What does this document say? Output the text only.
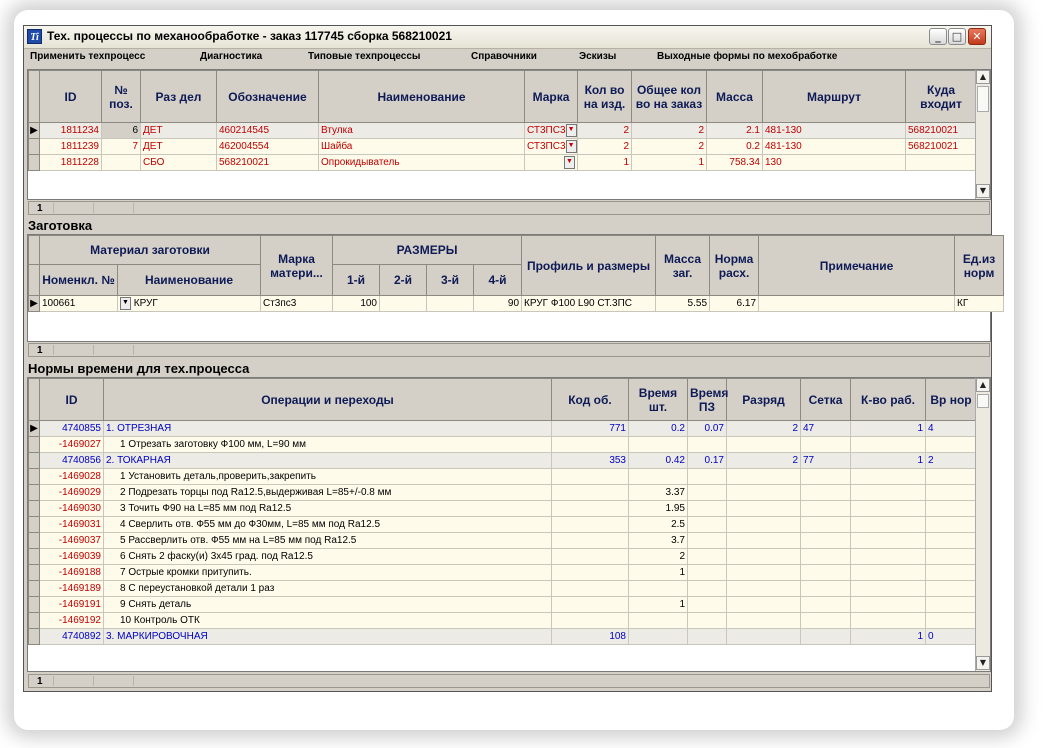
Ti Тех. процессы по механообработке - заказ 117745 сборка 568210021	_	□ ✕
Применить техпроцесс	Диагностика	Типовые техпроцессы	Справочники	Эскизы	Выходные формы по мехобработке
	ID	№ поз.	Раз дел	Обозначение	Наименование	Марка	Кол во на изд.	Общее кол во на заказ	Масса	Маршрут	Куда входит
▶	1811234	6	ДЕТ	460214545	Втулка	СТ3ПС3 ▼	2	2	2.1	481-130	568210021
	1811239	7	ДЕТ	462004554	Шайба	СТ3ПС3 ▼	2	2	0.2	481-130	568210021
	1811228		СБО	568210021	Опрокидыватель	▼	1	1	758.34	130	
▲
▼
1
Заготовка
	Материал заготовки		Марка матери...	РАЗМЕРЫ				Профиль и размеры	Масса заг.	Норма расх.	Примечание	Ед.из норм
	Номенкл. №	Наименование		1-й	2-й	3-й	4-й					
▶	100661	▼ КРУГ	Ст3пс3	100			90	КРУГ Ф100 L90 СТ.3ПС	5.55	6.17		КГ
1
Нормы времени для тех.процесса
	ID	Операции и переходы	Код об.	Время шт.	Время ПЗ	Разряд	Сетка	К-во раб.	Вр нор
▶	4740855	1. ОТРЕЗНАЯ	771	0.2	0.07	2	47	1	4
	-1469027	1 Отрезать заготовку Ф100 мм, L=90 мм							
	4740856	2. ТОКАРНАЯ	353	0.42	0.17	2	77	1	2
	-1469028	1 Установить деталь,проверить,закрепить							
	-1469029	2 Подрезать торцы под Ra12.5,выдерживая L=85+/-0.8 мм		3.37					
	-1469030	3 Точить Ф90 на L=85 мм под Ra12.5		1.95					
	-1469031	4 Сверлить отв. Ф55 мм до Ф30мм, L=85 мм под Ra12.5		2.5					
	-1469037	5 Рассверлить отв. Ф55 мм на L=85 мм под Ra12.5		3.7					
	-1469039	6 Снять 2 фаску(и) 3х45 град. под Ra12.5		2					
	-1469188	7 Острые кромки притупить.		1					
	-1469189	8 С переустановкой детали 1 раз							
	-1469191	9 Снять деталь		1					
	-1469192	10 Контроль ОТК							
	4740892	3. МАРКИРОВОЧНАЯ	108					1	0
▲
▼
1
